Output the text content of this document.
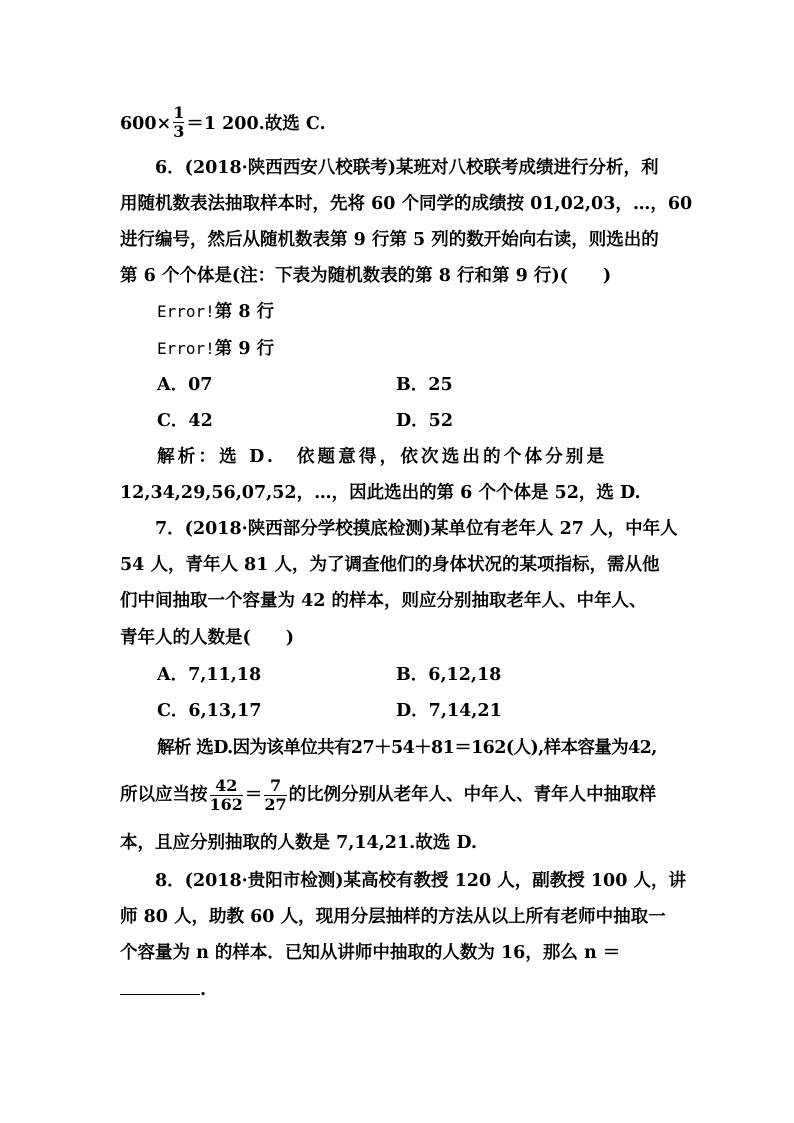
$600\times \frac{1}{3} =1$ 200.故选 C.
6．(2018·陕西西安八校联考)某班对八校联考成绩进行分析，利
用随机数表法抽取样本时，先将 60 个同学的成绩按 01,02,03，…，60
进行编号，然后从随机数表第 9 行第 5 列的数开始向右读，则选出的
第 6 个个体是(注：下表为随机数表的第 8 行和第 9 行)(　　)
Error!第 8 行
Error!第 9 行
A．07	B．25
C．42	D．52
解析：选 D.　依题意得，依次选出的个体分别是
12,34,29,56,07,52，…，因此选出的第 6 个个体是 52，选 D.
7．(2018·陕西部分学校摸底检测)某单位有老年人 27 人，中年人
54 人，青年人 81 人，为了调查他们的身体状况的某项指标，需从他
们中间抽取一个容量为 42 的样本，则应分别抽取老年人、中年人、
青年人的人数是(　　)
A．7,11,18	B．6,12,18
C．6,13,17	D．7,14,21
解析 选D.因为该单位共有27＋54＋81＝162(人),样本容量为42,
所以应当按 $\frac{42}{162} = \frac{7}{27}$ 的比例分别从老年人、中年人、青年人中抽取样
本，且应分别抽取的人数是 7,14,21.故选 D.
8．(2018·贵阳市检测)某高校有教授 120 人，副教授 100 人，讲
师 80 人，助教 60 人，现用分层抽样的方法从以上所有老师中抽取一
个容量为 n 的样本．已知从讲师中抽取的人数为 16，那么 n ＝
.
